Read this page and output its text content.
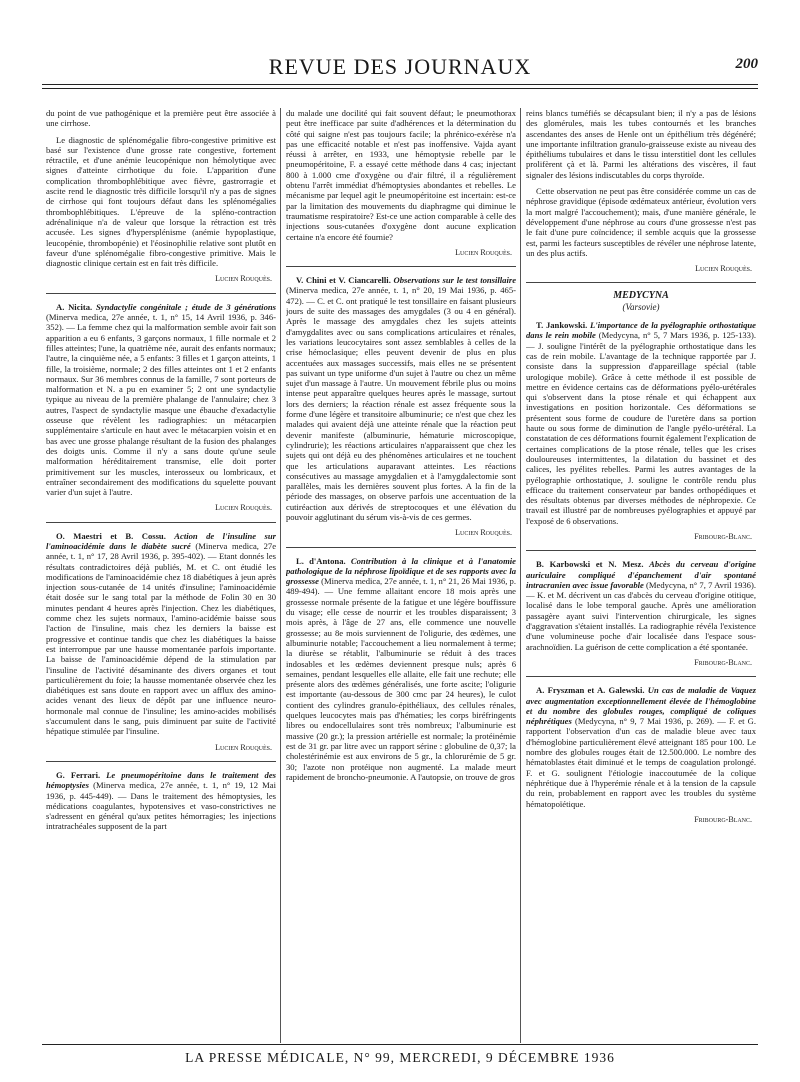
REVUE DES JOURNAUX	200

du point de vue pathogénique et la première peut être associée à une cirrhose.

Le diagnostic de splénomégalie fibro-congestive primitive est basé sur l'existence d'une grosse rate congestive, fortement rétractile, et d'une anémie leucopénique non hémolytique avec signes d'atteinte cirrhotique du foie. L'apparition d'une complication thrombophlébitique avec fièvre, gastrorragie et ascite rend le diagnostic très difficile lorsqu'il n'y a pas de signes de cirrhose qui font toujours défaut dans les splénomégalies thrombophlébitiques. L'épreuve de la spléno-contraction adrénalinique n'a de valeur que lorsque la rétraction est très accusée. Les signes d'hypersplénisme (anémie hypoplastique, leucopénie, thrombopénie) et l'éosinophilie relative sont plutôt en faveur d'une splénomégalie fibro-congestive primitive. Mais le diagnostic clinique certain est en fait très difficile.

Lucien Rouquès.

A. Nicita. Syndactylie congénitale ; étude de 3 générations (Minerva medica, 27e année, t. 1, n° 15, 14 Avril 1936, p. 346-352). — La femme chez qui la malformation semble avoir fait son apparition a eu 6 enfants, 3 garçons normaux, 1 fille normale et 2 filles atteintes; l'une, la quatrième née, aurait des enfants normaux; l'autre, la cinquième née, a 5 enfants: 3 filles et 1 garçon atteints, 1 fille, la troisième, normale; 2 des filles atteintes ont 1 et 2 enfants normaux. Sur 36 membres connus de la famille, 7 sont porteurs de malformation et N. a pu en examiner 5; 2 ont une syndactylie typique au niveau de la première phalange de l'annulaire; chez 3 autres, l'aspect de syndactylie masque une ébauche d'exadactylie osseuse que révèlent les radiographies: un métacarpien supplémentaire s'articule en haut avec le métacarpien voisin et en bas avec une grosse phalange résultant de la fusion des phalanges des doigts unis. Comme il n'y a sans doute qu'une seule malformation héréditairement transmise, elle doit porter primitivement sur les muscles, interosseux ou lombricaux, et entraîner secondairement des modifications du squelette pouvant varier d'un sujet à l'autre.

Lucien Rouquès.

O. Maestri et B. Cossu. Action de l'insuline sur l'aminoacidémie dans le diabète sucré (Minerva medica, 27e année, t. 1, n° 17, 28 Avril 1936, p. 395-402). — Etant donnés les résultats contradictoires déjà publiés, M. et C. ont étudié les modifications de l'aminoacidémie chez 18 diabétiques à jeun après injection sous-cutanée de 14 unités d'insuline; l'aminoacidémie était dosée sur le sang total par la méthode de Folin 30 en 30 minutes pendant 4 heures après l'injection. Chez les diabétiques, comme chez les sujets normaux, l'amino-acidémie baisse sous l'action de l'insuline, mais chez les derniers la baisse est progressive et continue tandis que chez les diabétiques la baisse est interrompue par une hausse momentanée parfois importante. La baisse de l'aminoacidémie dépend de la stimulation par l'insuline de l'activité désaminante des divers organes et tout particulièrement du foie; la hausse momentanée observée chez les diabétiques est sans doute en rapport avec un afflux des amino-acides venant des lieux de dépôt par une influence neuro-hormonale mal connue de l'insuline; les amino-acides mobilisés s'accumulent dans le sang, puis diminuent par suite de l'activité hépatique stimulée par l'insuline.

Lucien Rouquès.

G. Ferrari. Le pneumopéritoine dans le traitement des hémoptysies (Minerva medica, 27e année, t. 1, n° 19, 12 Mai 1936, p. 445-449). — Dans le traitement des hémoptysies, les médications coagulantes, hypotensives et vaso-constrictives ne s'adressent en général qu'aux petites hémorragies; les injections intratrachéales supposent de la part

du malade une docilité qui fait souvent défaut; le pneumothorax peut être inefficace par suite d'adhérences et la détermination du côté qui saigne n'est pas toujours facile; la phrénico-exérèse n'a pas une efficacité notable et n'est pas inoffensive. Vajda ayant réussi à arrêter, en 1933, une hémoptysie rebelle par le pneumopéritoine, F. a essayé cette méthode dans 4 cas; injectant 800 à 1.000 cme d'oxygène ou d'air filtré, il a régulièrement obtenu l'arrêt immédiat d'hémoptysies abondantes et rebelles. Le mécanisme par lequel agit le pneumopéritoine est incertain: est-ce par la limitation des mouvements du diaphragme qui diminue le traumatisme respiratoire? Est-ce une action comparable à celle des injections sous-cutanées d'oxygène dont aucune explication certaine n'a encore été fournie?

Lucien Rouquès.

V. Chini et V. Ciancarelli. Observations sur le test tonsillaire (Minerva medica, 27e année, t. 1, n° 20, 19 Mai 1936, p. 465-472). — C. et C. ont pratiqué le test tonsillaire en faisant plusieurs jours de suite des massages des amygdales (3 ou 4 en général). Après le massage des amygdales chez les sujets atteints d'amygdalites avec ou sans complications articulaires et rénales, les variations leucocytaires sont assez semblables à celles de la crise hémoclasique; elles peuvent devenir de plus en plus accentuées aux massages successifs, mais elles ne se présentent pas suivant un type uniforme d'un sujet à l'autre ou chez un même sujet d'un massage à l'autre. Un mouvement fébrile plus ou moins intense peut apparaître quelques heures après le massage, surtout lors des derniers; la réaction rénale est assez fréquente sous la forme d'une légère et transitoire albuminurie; ce n'est que chez les malades qui avaient déjà une atteinte rénale que la réaction peut devenir manifeste (albuminurie, hématurie microscopique, cylindrurie); les réactions articulaires n'apparaissent que chez les sujets qui ont déjà eu des phénomènes articulaires et ne touchent que les articulations auparavant atteintes. Les réactions consécutives au massage amygdalien et à l'amygdalectomie sont parallèles, mais les dernières souvent plus fortes. A la fin de la période des massages, on observe parfois une accentuation de la cutiréaction aux dérivés de streptocoques et une élévation du pouvoir agglutinant du sérum vis-à-vis de ces germes.

Lucien Rouquès.

L. d'Antona. Contribution à la clinique et à l'anatomie pathologique de la néphrose lipoïdique et de ses rapports avec la grossesse (Minerva medica, 27e année, t. 1, n° 21, 26 Mai 1936, p. 489-494). — Une femme allaitant encore 18 mois après une grossesse normale présente de la fatigue et une légère bouffissure du visage; elle cesse de nourrir et les troubles disparaissent; 3 mois après, à l'âge de 27 ans, elle commence une nouvelle grossesse; au 8e mois surviennent de l'oligurie, des œdèmes, une albuminurie notable; l'accouchement a lieu normalement à terme; la diurèse se rétablit, l'albuminurie se réduit à des traces indosables et les œdèmes deviennent presque nuls; après 6 semaines, pendant lesquelles elle allaite, elle fait une rechute; elle présente alors des œdèmes généralisés, une forte ascite; l'oligurie est importante (au-dessous de 300 cmc par 24 heures), le culot contient des cylindres granulo-épithéliaux, des cellules rénales, quelques leucocytes mais pas d'hématies; les corps biréfringents libres ou endocellulaires sont très nombreux; l'albuminurie est massive (20 gr.); la pression artérielle est normale; la protéinémie est de 31 gr. par litre avec un rapport sérine : globuline de 0,37; la cholestérinémie est aux environs de 5 gr., la chlorurémie de 5 gr. 30; l'azote non protéique non augmenté. La malade meurt rapidement de broncho-pneumonie. A l'autopsie, on trouve de gros

reins blancs tuméfiés se décapsulant bien; il n'y a pas de lésions des glomérules, mais les tubes contournés et les branches ascendantes des anses de Henle ont un épithélium très dégénéré; une importante infiltration granulo-graisseuse existe au niveau des épithéliums tubulaires et dans le tissu interstitiel dont les cellules prolifèrent çà et là. Parmi les altérations des viscères, il faut signaler des lésions indiscutables du corps thyroïde.

Cette observation ne peut pas être considérée comme un cas de néphrose gravidique (épisode œdémateux antérieur, évolution vers la mort malgré l'accouchement); mais, d'une manière générale, le développement d'une néphrose au cours d'une grossesse n'est pas le fait d'une pure coïncidence; il semble acquis que la grossesse est, parmi les facteurs susceptibles de révéler une néphrose latente, un des plus actifs.

Lucien Rouquès.
MEDYCYNA
(Varsovie)

T. Jankowski. L'importance de la pyélographie orthostatique dans le rein mobile (Medycyna, n° 5, 7 Mars 1936, p. 125-133). — J. souligne l'intérêt de la pyélographie orthostatique dans les cas de rein mobile. L'avantage de la technique rapportée par J. consiste dans la suppression d'appareillage spécial (table urologique mobile). Grâce à cette méthode il est possible de mettre en évidence certains cas de déformations pyélo-urétérales qui s'observent dans la ptose rénale et qui échappent aux investigations en position horizontale. Ces déformations se présentent sous forme de coudure de l'uretère dans sa portion haute ou sous forme de diminution de l'angle pyélo-urétéral. La constatation de ces déformations fournit également l'explication de certaines complications de la ptose rénale, telles que les crises douloureuses intermittentes, la dilatation du bassinet et des calices, les pyélites rebelles. Parmi les autres avantages de la pyélographie orthostatique, J. souligne le contrôle rendu plus efficace du traitement conservateur par bandes orthopédiques et des résultats obtenus par diverses méthodes de néphropexie. Ce travail est illustré par de nombreuses pyélographies et appuyé par l'exposé de 6 observations.

Fribourg-Blanc.

B. Karbowski et N. Mesz. Abcès du cerveau d'origine auriculaire compliqué d'épanchement d'air spontané intracranien avec issue favorable (Medycyna, n° 7, 7 Avril 1936). — K. et M. décrivent un cas d'abcès du cerveau d'origine otitique, localisé dans le lobe temporal gauche. Après une amélioration passagère ayant suivi l'intervention chirurgicale, les signes d'aggravation s'étaient installés. La radiographie révéla l'existence d'une volumineuse poche d'air localisée dans l'espace sous-arachnoïdien. La guérison de cette complication a été spontanée.

Fribourg-Blanc.

A. Fryszman et A. Galewski. Un cas de maladie de Vaquez avec augmentation exceptionnellement élevée de l'hémoglobine et du nombre des globules rouges, compliqué de coliques néphrétiques (Medycyna, n° 9, 7 Mai 1936, p. 269). — F. et G. rapportent l'observation d'un cas de maladie bleue avec taux d'hémoglobine particulièrement élevé atteignant 185 pour 100. Le nombre des globules rouges était de 12.500.000. Le nombre des hématoblastes était diminué et le temps de coagulation prolongé. F. et G. soulignent l'étiologie inaccoutumée de la colique néphrétique due à l'hyperémie rénale et à la tension de la capsule du rein, probablement en rapport avec les troubles du système hématopoïétique.

Fribourg-Blanc.
LA PRESSE MÉDICALE, N° 99, MERCREDI, 9 DÉCEMBRE 1936
